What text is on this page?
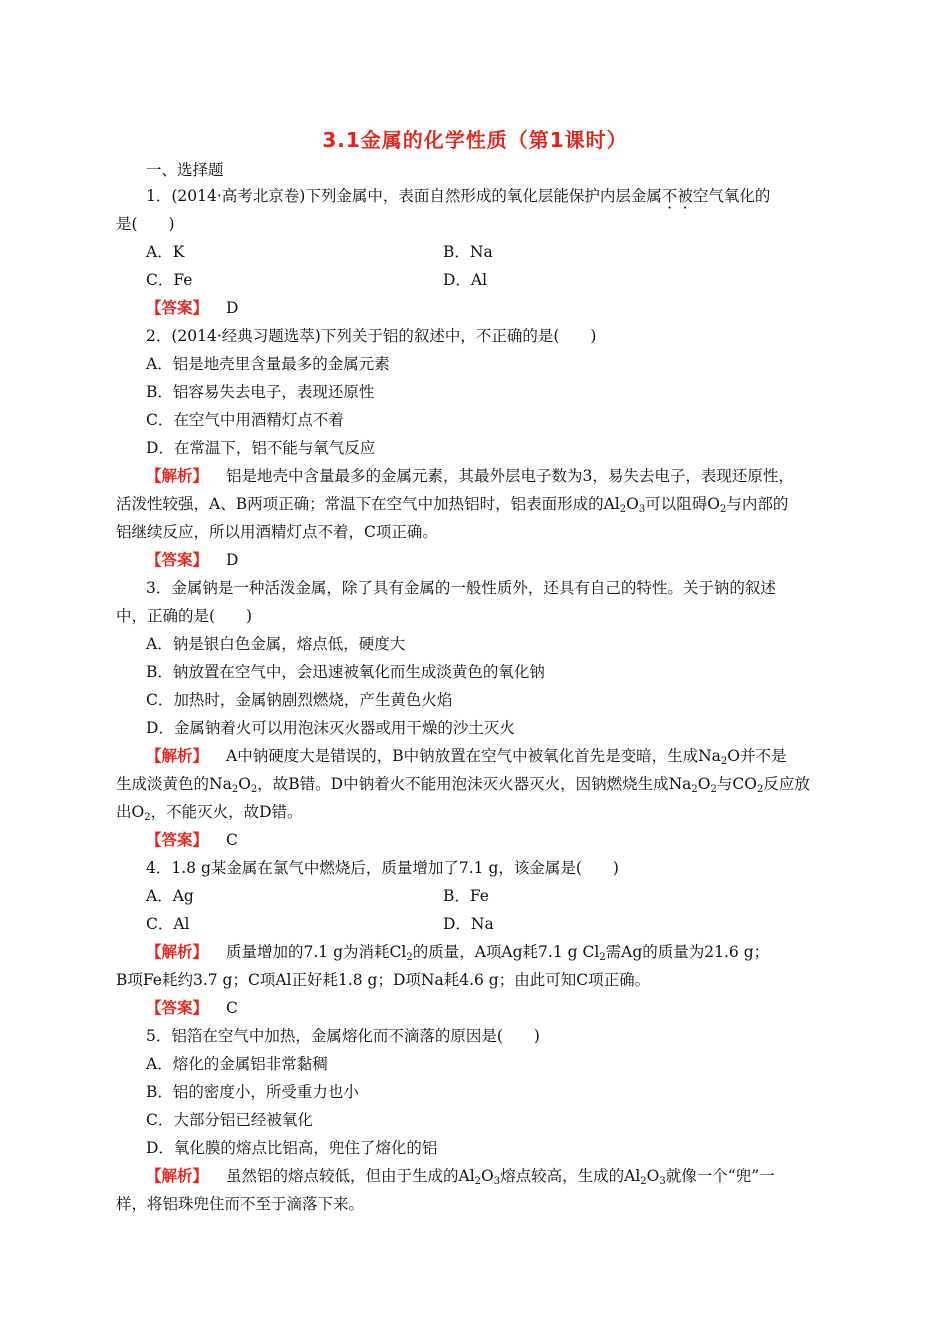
3.1金属的化学性质（第1课时）
一、选择题
1．(2014·高考北京卷)下列金属中，表面自然形成的氧化层能保护内层金属不被空气氧化的
是(　　)
A．K	B．Na
C．Fe	D．Al
【答案】 D
2．(2014·经典习题选萃)下列关于铝的叙述中，不正确的是(　　)
A．铝是地壳里含量最多的金属元素
B．铝容易失去电子，表现还原性
C．在空气中用酒精灯点不着
D．在常温下，铝不能与氧气反应
【解析】 铝是地壳中含量最多的金属元素，其最外层电子数为3，易失去电子，表现还原性，
活泼性较强，A、B两项正确；常温下在空气中加热铝时，铝表面形成的$Al_2O_3$可以阻碍$O_2$与内部的
铝继续反应，所以用酒精灯点不着，C项正确。
【答案】 D
3．金属钠是一种活泼金属，除了具有金属的一般性质外，还具有自己的特性。关于钠的叙述
中，正确的是(　　)
A．钠是银白色金属，熔点低，硬度大
B．钠放置在空气中，会迅速被氧化而生成淡黄色的氧化钠
C．加热时，金属钠剧烈燃烧，产生黄色火焰
D．金属钠着火可以用泡沫灭火器或用干燥的沙土灭火
【解析】 A中钠硬度大是错误的，B中钠放置在空气中被氧化首先是变暗，生成$Na_2O$并不是
生成淡黄色的$Na_2O_2$，故B错。D中钠着火不能用泡沫灭火器灭火，因钠燃烧生成$Na_2O_2$与$CO_2$反应放
出$O_2$，不能灭火，故D错。
【答案】 C
4．1.8 g某金属在氯气中燃烧后，质量增加了7.1 g，该金属是(　　)
A．Ag	B．Fe
C．Al	D．Na
【解析】 质量增加的7.1 g为消耗$Cl_2$的质量，A项Ag耗7.1 g $Cl_2$需Ag的质量为21.6 g；
B项Fe耗约3.7 g；C项Al正好耗1.8 g；D项Na耗4.6 g；由此可知C项正确。
【答案】 C
5．铝箔在空气中加热，金属熔化而不滴落的原因是(　　)
A．熔化的金属铝非常黏稠
B．铝的密度小，所受重力也小
C．大部分铝已经被氧化
D．氧化膜的熔点比铝高，兜住了熔化的铝
【解析】 虽然铝的熔点较低，但由于生成的$Al_2O_3$熔点较高，生成的$Al_2O_3$就像一个“兜”一
样，将铝珠兜住而不至于滴落下来。
